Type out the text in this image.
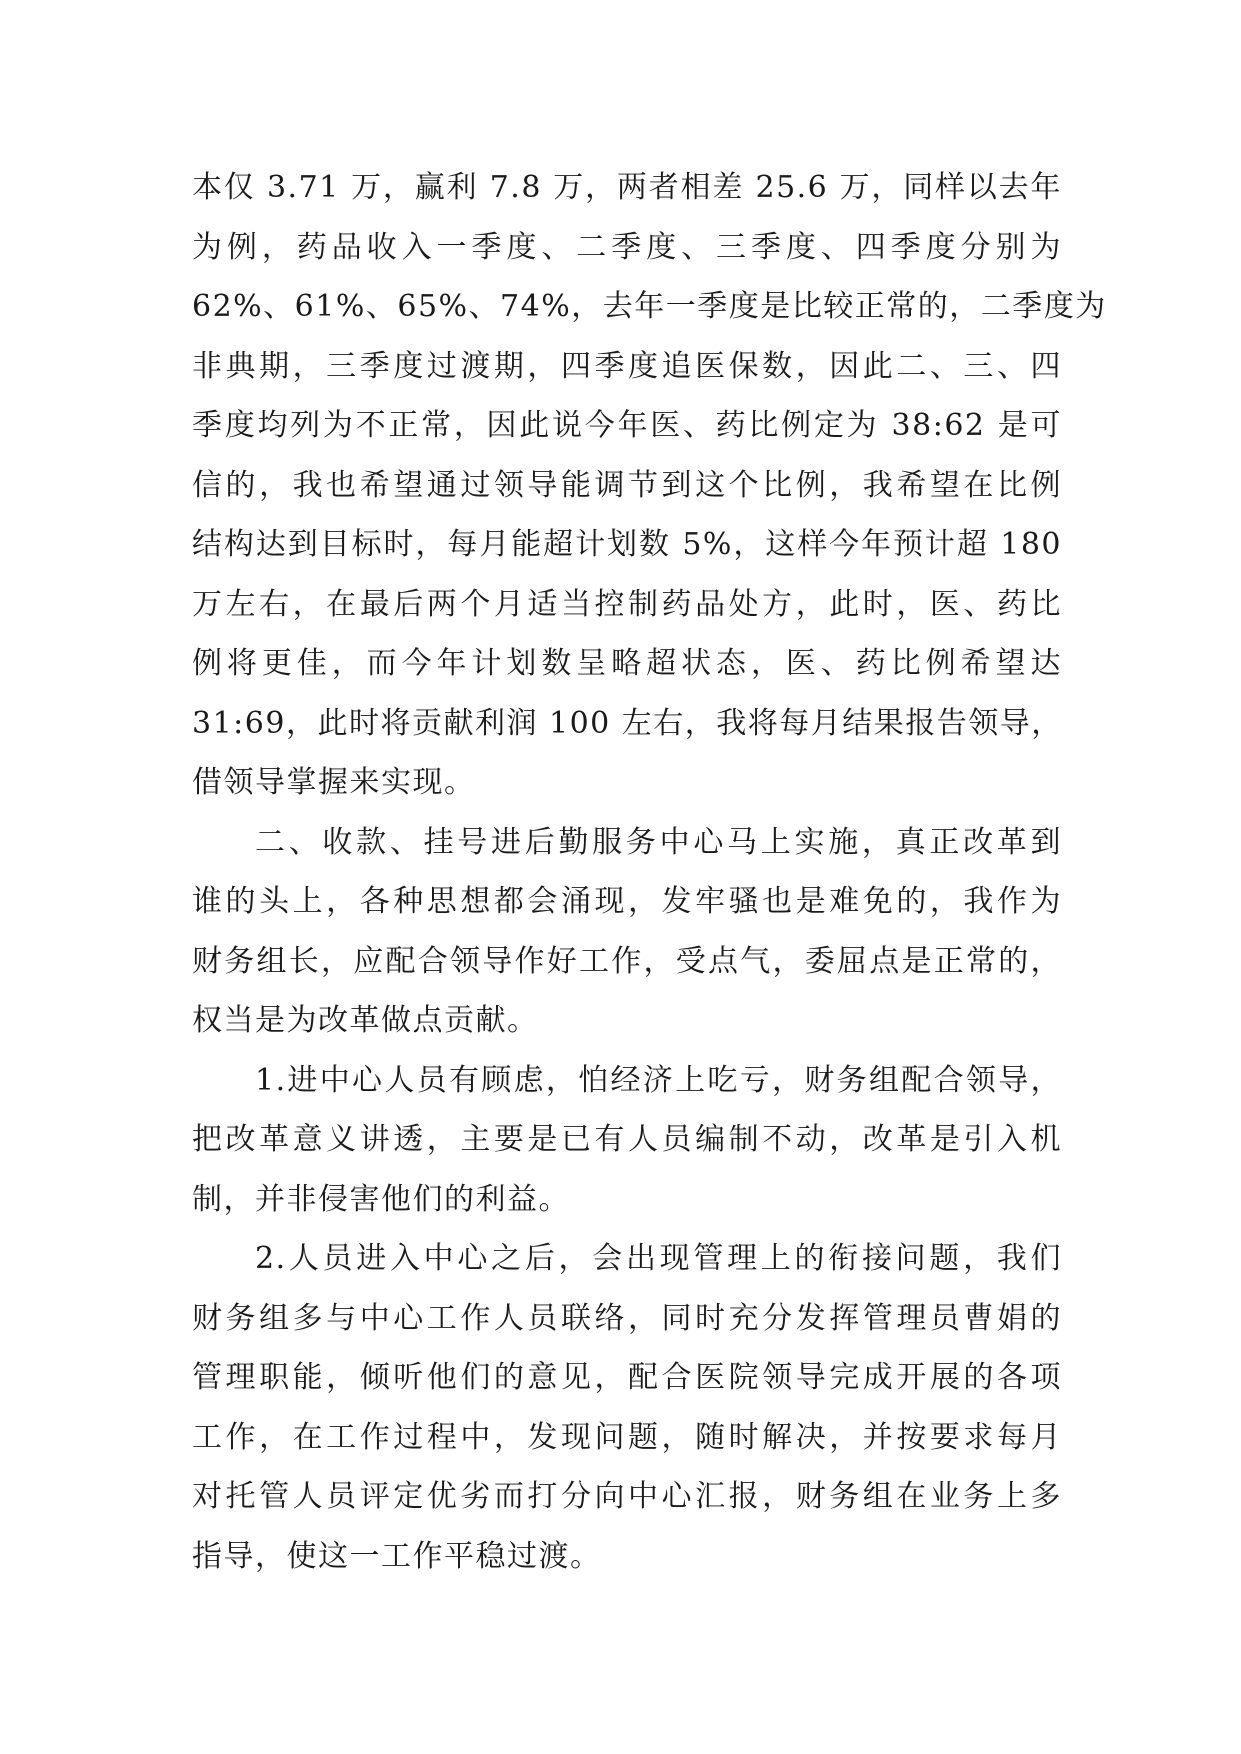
本仅 3.71 万，赢利 7.8 万，两者相差 25.6 万，同样以去年
为例，药品收入一季度、二季度、三季度、四季度分别为
62%、61%、65%、74%，去年一季度是比较正常的，二季度为
非典期，三季度过渡期，四季度追医保数，因此二、三、四
季度均列为不正常，因此说今年医、药比例定为 38:62 是可
信的，我也希望通过领导能调节到这个比例，我希望在比例
结构达到目标时，每月能超计划数 5%，这样今年预计超 180
万左右，在最后两个月适当控制药品处方，此时，医、药比
例将更佳，而今年计划数呈略超状态，医、药比例希望达
31:69，此时将贡献利润 100 左右，我将每月结果报告领导，
借领导掌握来实现。
二、收款、挂号进后勤服务中心马上实施，真正改革到
谁的头上，各种思想都会涌现，发牢骚也是难免的，我作为
财务组长，应配合领导作好工作，受点气，委屈点是正常的，
权当是为改革做点贡献。
1.进中心人员有顾虑，怕经济上吃亏，财务组配合领导，
把改革意义讲透，主要是已有人员编制不动，改革是引入机
制，并非侵害他们的利益。
2.人员进入中心之后，会出现管理上的衔接问题，我们
财务组多与中心工作人员联络，同时充分发挥管理员曹娟的
管理职能，倾听他们的意见，配合医院领导完成开展的各项
工作，在工作过程中，发现问题，随时解决，并按要求每月
对托管人员评定优劣而打分向中心汇报，财务组在业务上多
指导，使这一工作平稳过渡。
